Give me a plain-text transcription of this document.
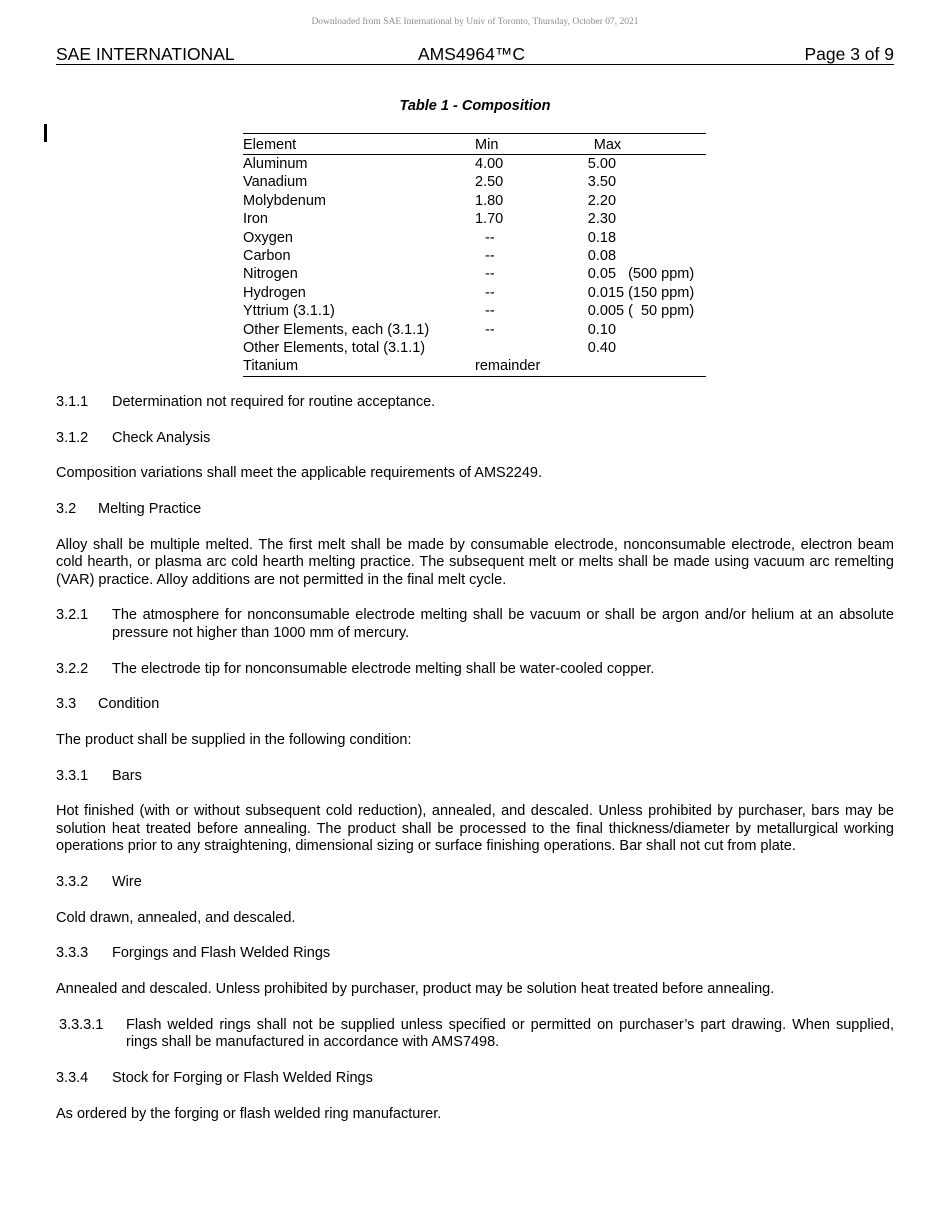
Downloaded from SAE International by Univ of Toronto, Thursday, October 07, 2021
SAE INTERNATIONAL	AMS4964™C	Page 3 of 9
Table 1 - Composition
Element	Min	Max
Aluminum	4.00	5.00
Vanadium	2.50	3.50
Molybdenum	1.80	2.20
Iron	1.70	2.30
Oxygen	--	0.18
Carbon	--	0.08
Nitrogen	--	0.05   (500 ppm)
Hydrogen	--	0.015 (150 ppm)
Yttrium (3.1.1)	--	0.005 (  50 ppm)
Other Elements, each (3.1.1)	--	0.10
Other Elements, total (3.1.1)		0.40
Titanium	remainder	

3.1.1 Determination not required for routine acceptance.

3.1.2 Check Analysis

Composition variations shall meet the applicable requirements of AMS2249.

3.2 Melting Practice

Alloy shall be multiple melted. The first melt shall be made by consumable electrode, nonconsumable electrode, electron beam cold hearth, or plasma arc cold hearth melting practice. The subsequent melt or melts shall be made using vacuum arc remelting (VAR) practice. Alloy additions are not permitted in the final melt cycle.

3.2.1 The atmosphere for nonconsumable electrode melting shall be vacuum or shall be argon and/or helium at an absolute pressure not higher than 1000 mm of mercury.
3.2.2 The electrode tip for nonconsumable electrode melting shall be water-cooled copper.

3.3 Condition

The product shall be supplied in the following condition:

3.3.1 Bars

Hot finished (with or without subsequent cold reduction), annealed, and descaled. Unless prohibited by purchaser, bars may be solution heat treated before annealing. The product shall be processed to the final thickness/diameter by metallurgical working operations prior to any straightening, dimensional sizing or surface finishing operations. Bar shall not cut from plate.

3.3.2 Wire

Cold drawn, annealed, and descaled.

3.3.3 Forgings and Flash Welded Rings

Annealed and descaled. Unless prohibited by purchaser, product may be solution heat treated before annealing.

3.3.3.1 Flash welded rings shall not be supplied unless specified or permitted on purchaser’s part drawing. When supplied, rings shall be manufactured in accordance with AMS7498.

3.3.4 Stock for Forging or Flash Welded Rings

As ordered by the forging or flash welded ring manufacturer.
